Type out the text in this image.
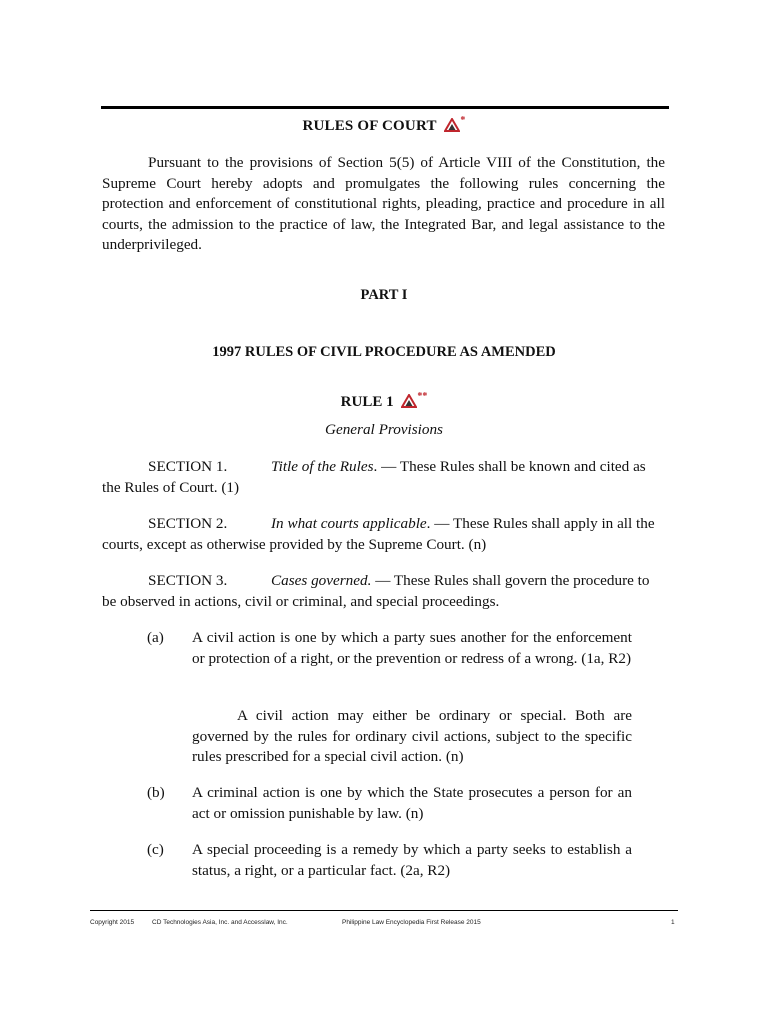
RULES OF COURT *
Pursuant to the provisions of Section 5(5) of Article VIII of the Constitution, the Supreme Court hereby adopts and promulgates the following rules concerning the protection and enforcement of constitutional rights, pleading, practice and procedure in all courts, the admission to the practice of law, the Integrated Bar, and legal assistance to the underprivileged.
PART I
1997 RULES OF CIVIL PROCEDURE AS AMENDED
RULE 1 **
General Provisions
SECTION 1.	Title of the Rules. — These Rules shall be known and cited as the Rules of Court. (1)
SECTION 2.	In what courts applicable. — These Rules shall apply in all the courts, except as otherwise provided by the Supreme Court. (n)
SECTION 3.	Cases governed. — These Rules shall govern the procedure to be observed in actions, civil or criminal, and special proceedings.
(a)	A civil action is one by which a party sues another for the enforcement or protection of a right, or the prevention or redress of a wrong. (1a, R2)
A civil action may either be ordinary or special. Both are governed by the rules for ordinary civil actions, subject to the specific rules prescribed for a special civil action. (n)
(b)	A criminal action is one by which the State prosecutes a person for an act or omission punishable by law. (n)
(c)	A special proceeding is a remedy by which a party seeks to establish a status, a right, or a particular fact. (2a, R2)
Copyright 2015	CD Technologies Asia, Inc. and Accesslaw, Inc.	Philippine Law Encyclopedia First Release 2015	1
